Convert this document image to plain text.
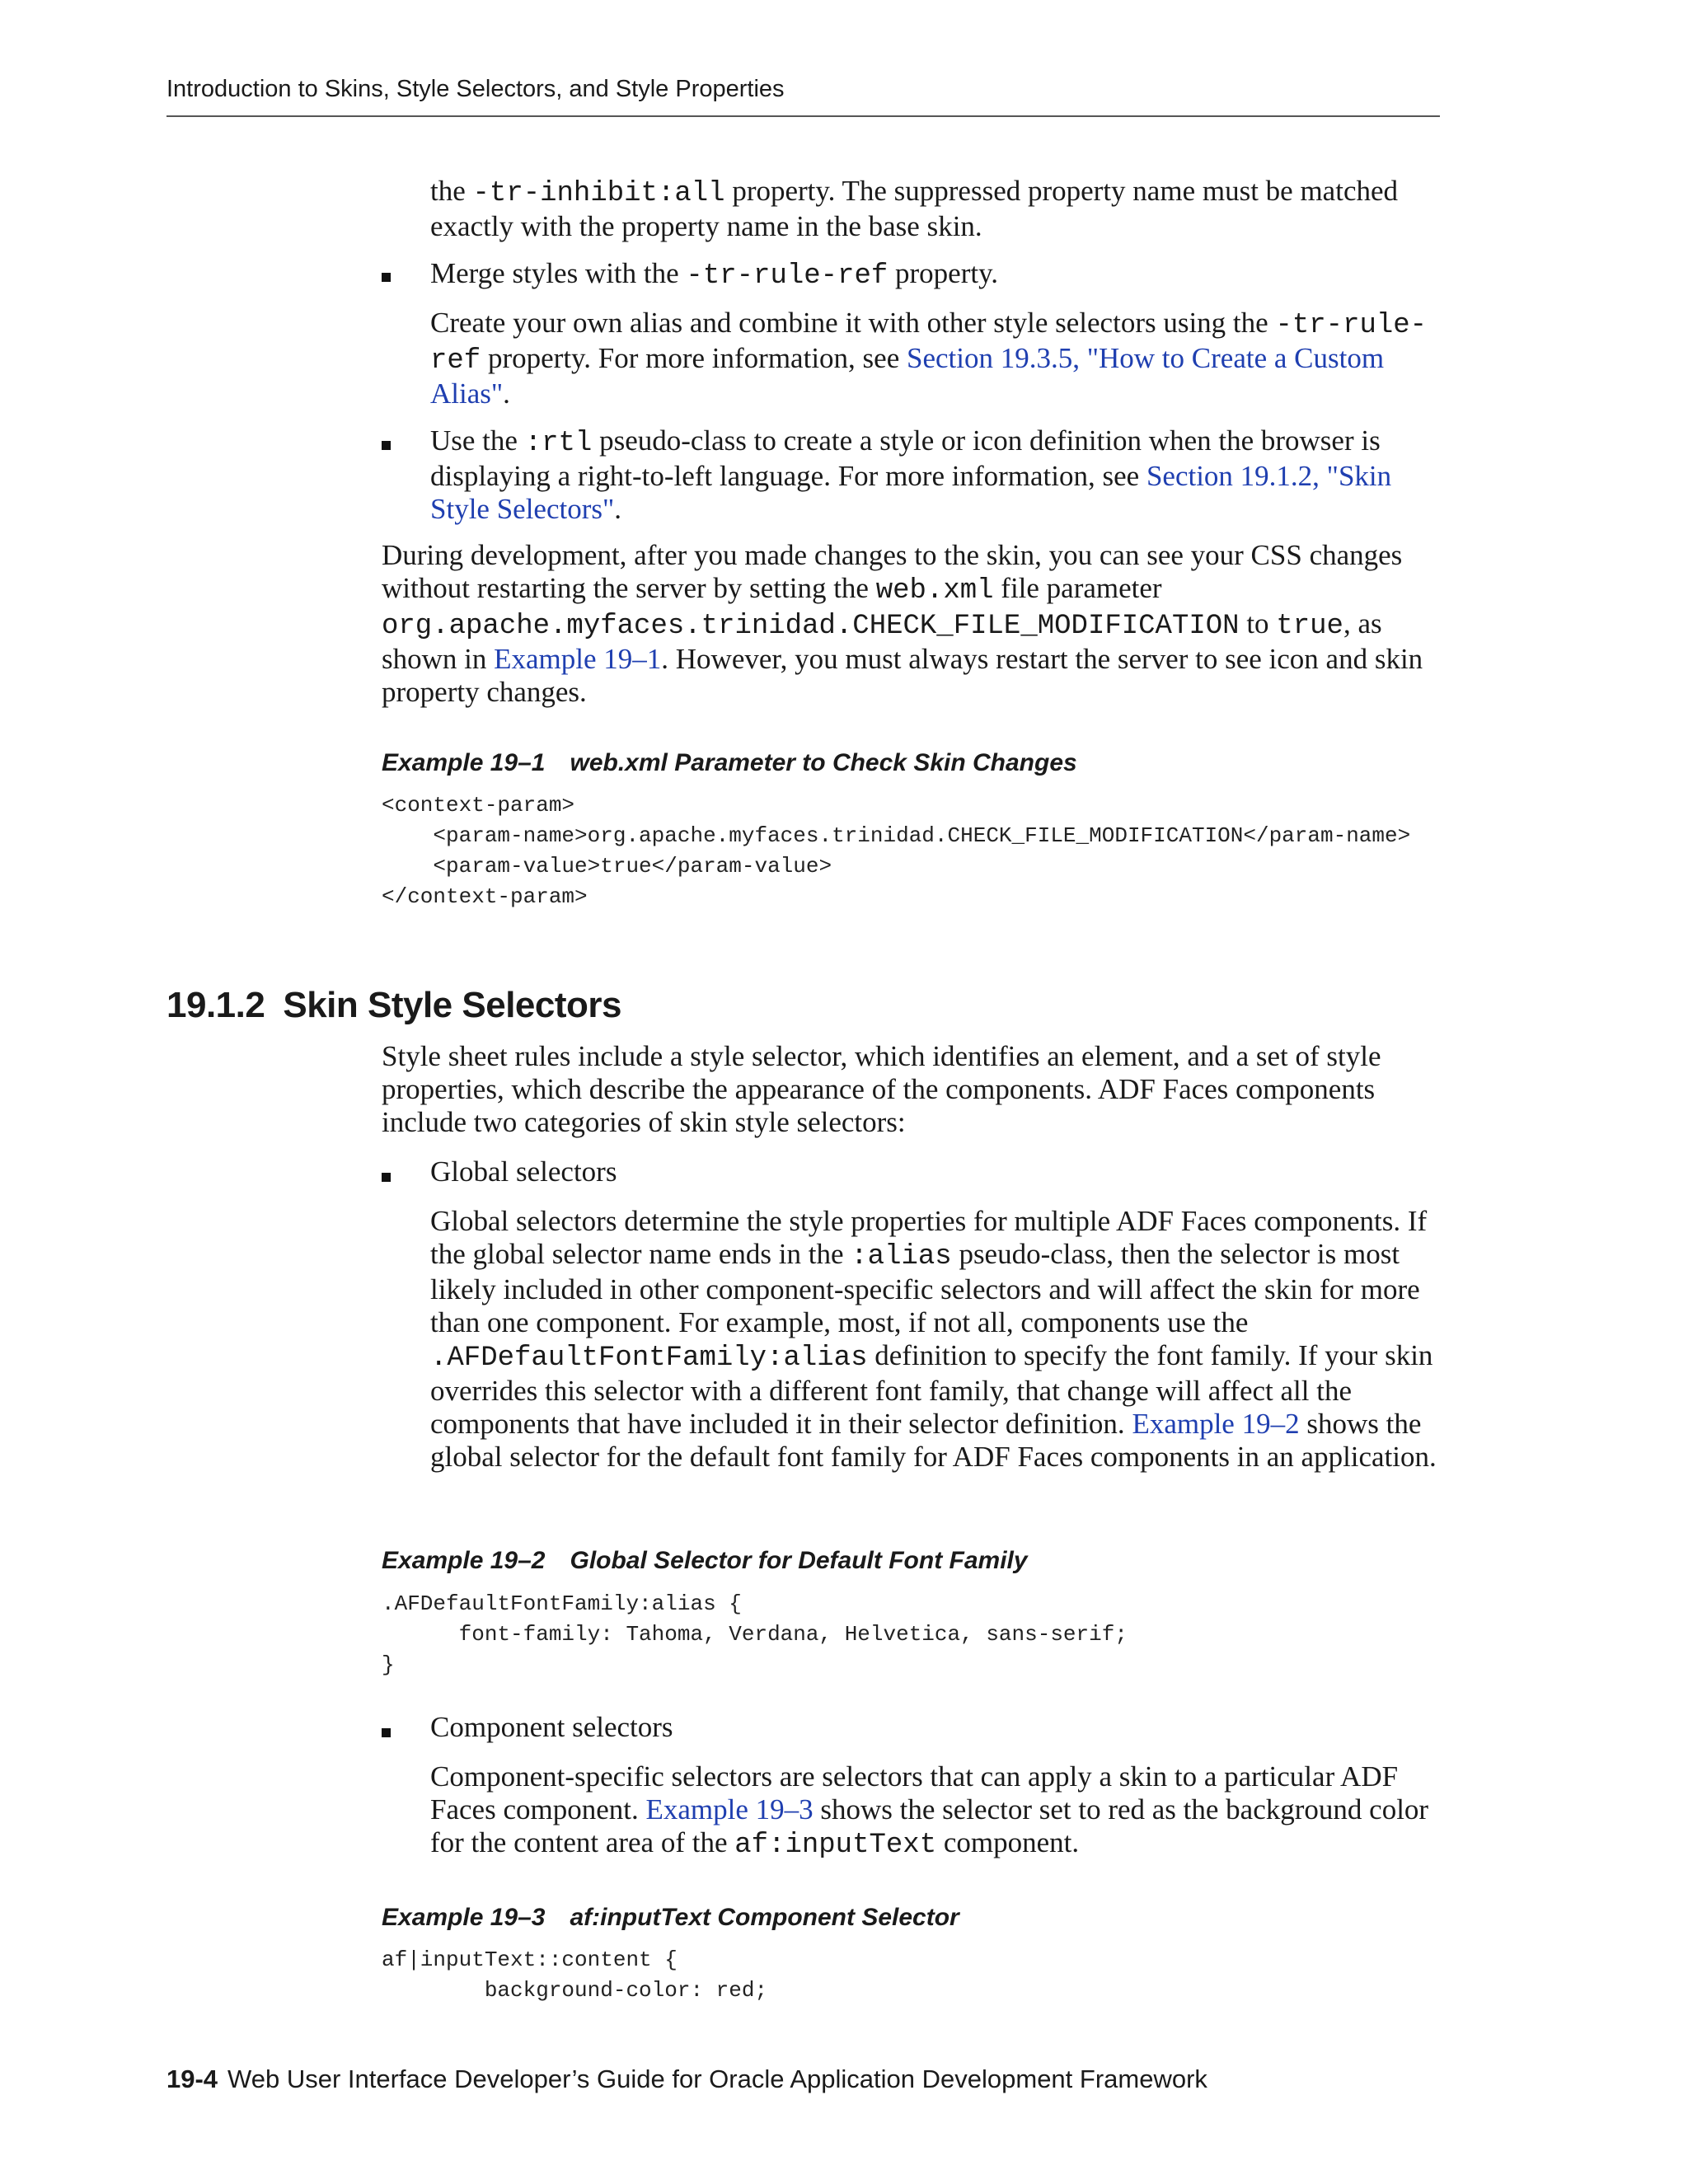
Introduction to Skins, Style Selectors, and Style Properties
the -tr-inhibit:all property. The suppressed property name must be matched exactly with the property name in the base skin.
Merge styles with the -tr-rule-ref property.
Create your own alias and combine it with other style selectors using the -tr-rule-ref property. For more information, see Section 19.3.5, "How to Create a Custom Alias".
Use the :rtl pseudo-class to create a style or icon definition when the browser is displaying a right-to-left language. For more information, see Section 19.1.2, "Skin Style Selectors".
During development, after you made changes to the skin, you can see your CSS changes without restarting the server by setting the web.xml file parameter org.apache.myfaces.trinidad.CHECK_FILE_MODIFICATION to true, as shown in Example 19–1. However, you must always restart the server to see icon and skin property changes.
Example 19–1 web.xml Parameter to Check Skin Changes
<context-param>
<param-name>org.apache.myfaces.trinidad.CHECK_FILE_MODIFICATION</param-name>
<param-value>true</param-value>
</context-param>
19.1.2 Skin Style Selectors
Style sheet rules include a style selector, which identifies an element, and a set of style properties, which describe the appearance of the components. ADF Faces components include two categories of skin style selectors:
Global selectors
Global selectors determine the style properties for multiple ADF Faces components. If the global selector name ends in the :alias pseudo-class, then the selector is most likely included in other component-specific selectors and will affect the skin for more than one component. For example, most, if not all, components use the .AFDefaultFontFamily:alias definition to specify the font family. If your skin overrides this selector with a different font family, that change will affect all the components that have included it in their selector definition. Example 19–2 shows the global selector for the default font family for ADF Faces components in an application.
Example 19–2 Global Selector for Default Font Family
.AFDefaultFontFamily:alias {
font-family: Tahoma, Verdana, Helvetica, sans-serif;
}
Component selectors
Component-specific selectors are selectors that can apply a skin to a particular ADF Faces component. Example 19–3 shows the selector set to red as the background color for the content area of the af:inputText component.
Example 19–3 af:inputText Component Selector
af|inputText::content {
background-color: red;
19-4 Web User Interface Developer’s Guide for Oracle Application Development Framework
